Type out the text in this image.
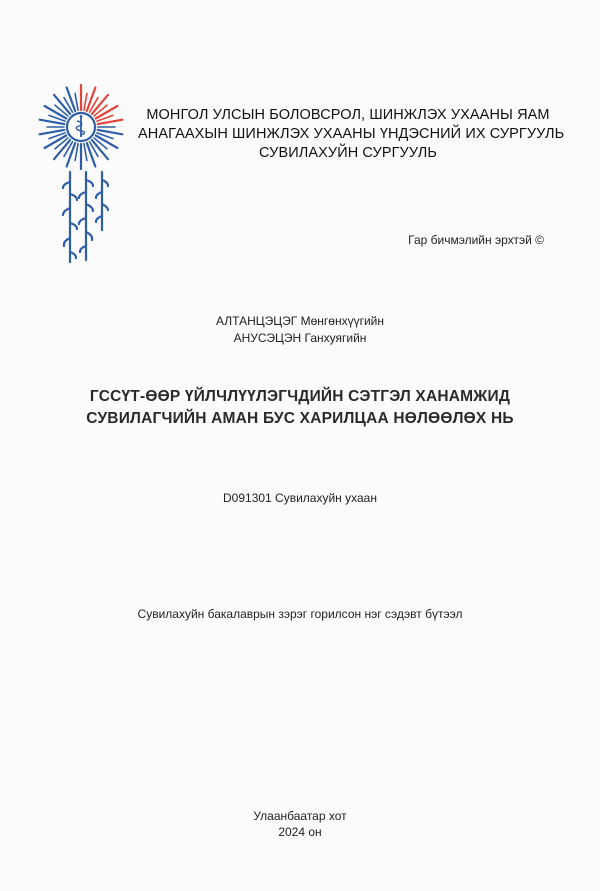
МОНГОЛ УЛСЫН БОЛОВСРОЛ, ШИНЖЛЭХ УХААНЫ ЯАМ
АНАГААХЫН ШИНЖЛЭХ УХААНЫ ҮНДЭСНИЙ ИХ СУРГУУЛЬ
СУВИЛАХУЙН СУРГУУЛЬ
Гар бичмэлийн эрхтэй ©
АЛТАНЦЭЦЭГ Мөнгөнхүүгийн
АНУСЭЦЭН Ганхуягийн
ГССҮТ-ӨӨР ҮЙЛЧЛҮҮЛЭГЧДИЙН СЭТГЭЛ ХАНАМЖИД
СУВИЛАГЧИЙН АМАН БУС ХАРИЛЦАА НӨЛӨӨЛӨХ НЬ
D091301 Сувилахуйн ухаан
Сувилахуйн бакалаврын зэрэг горилсон нэг сэдэвт бүтээл
Улаанбаатар хот
2024 он
